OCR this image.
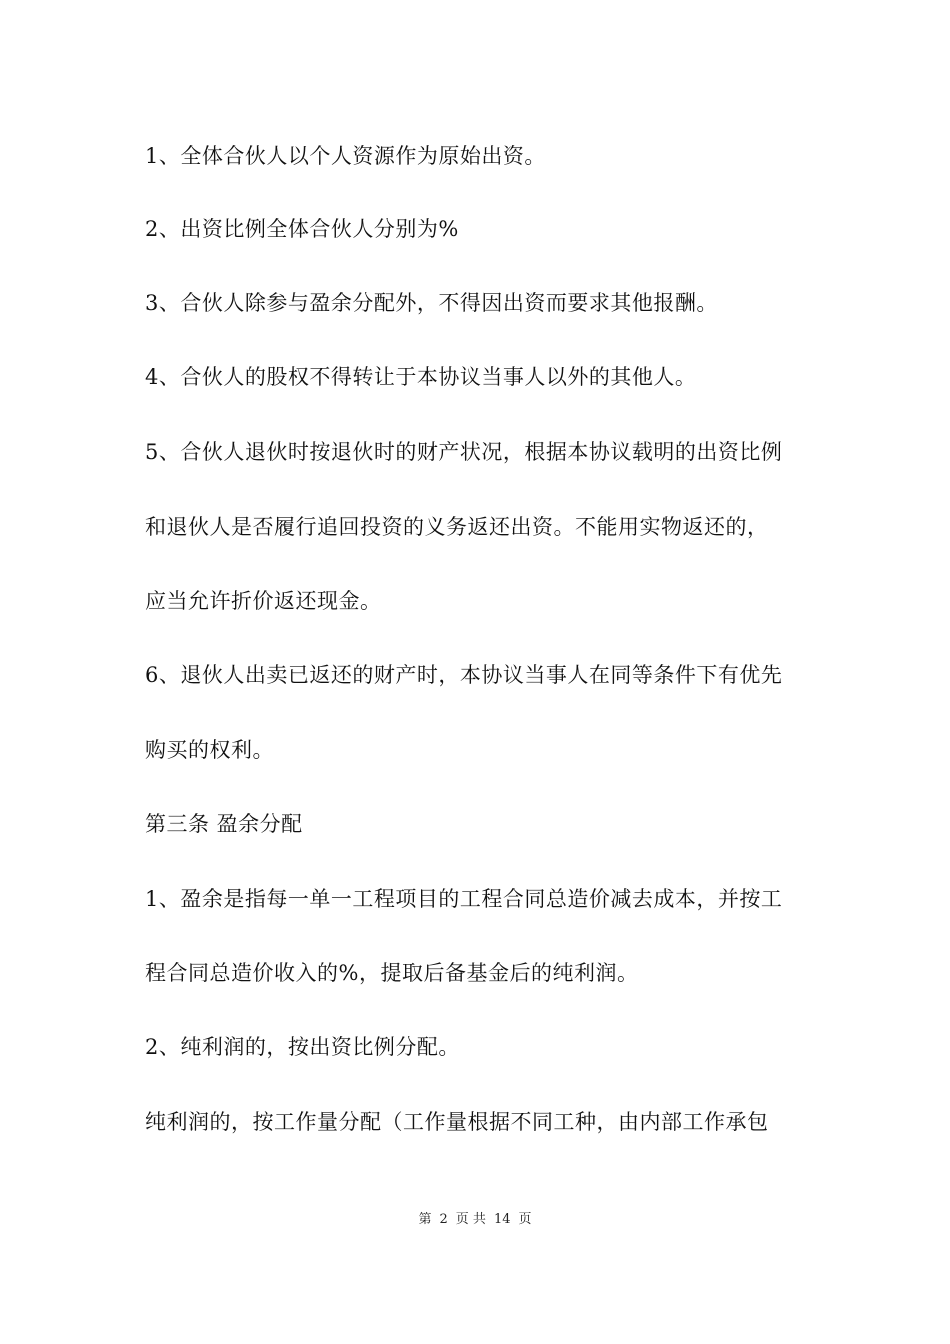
1、全体合伙人以个人资源作为原始出资。
2、出资比例全体合伙人分别为%
3、合伙人除参与盈余分配外，不得因出资而要求其他报酬。
4、合伙人的股权不得转让于本协议当事人以外的其他人。
5、合伙人退伙时按退伙时的财产状况，根据本协议载明的出资比例
和退伙人是否履行追回投资的义务返还出资。不能用实物返还的，
应当允许折价返还现金。
6、退伙人出卖已返还的财产时，本协议当事人在同等条件下有优先
购买的权利。
第三条 盈余分配
1、盈余是指每一单一工程项目的工程合同总造价减去成本，并按工
程合同总造价收入的%，提取后备基金后的纯利润。
2、纯利润的，按出资比例分配。
纯利润的，按工作量分配（工作量根据不同工种，由内部工作承包
第 2 页 共 14 页
